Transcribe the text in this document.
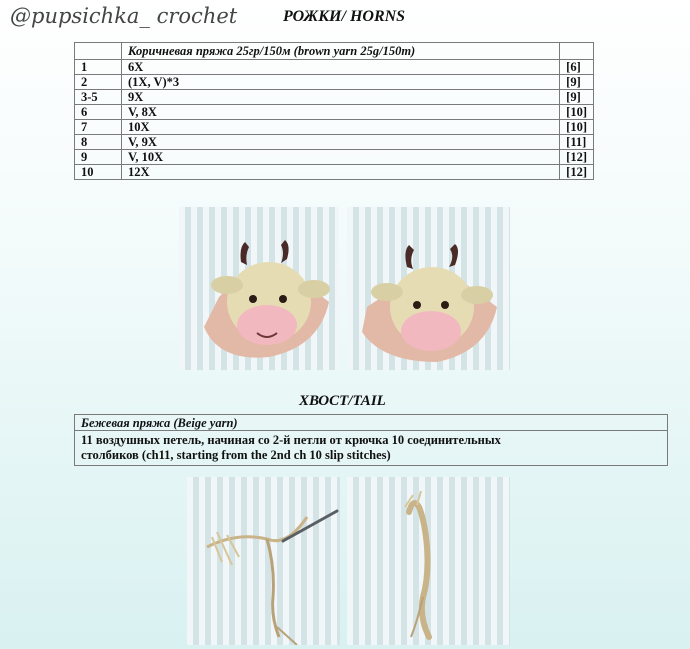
@pupsichka_ crochet	РОЖКИ/ HORNS
	Коричневая пряжа 25гр/150м (brown yarn 25g/150m)	
1	6X	[6]
2	(1X, V)*3	[9]
3-5	9X	[9]
6	V, 8X	[10]
7	10X	[10]
8	V, 9X	[11]
9	V, 10X	[12]
10	12X	[12]
ХВОСТ/TAIL
Бежевая пряжа (Beige yarn)
11 воздушных петель, начиная со 2-й петли от крючка 10 соединительных
столбиков (ch11, starting from the 2nd ch 10 slip stitches)
